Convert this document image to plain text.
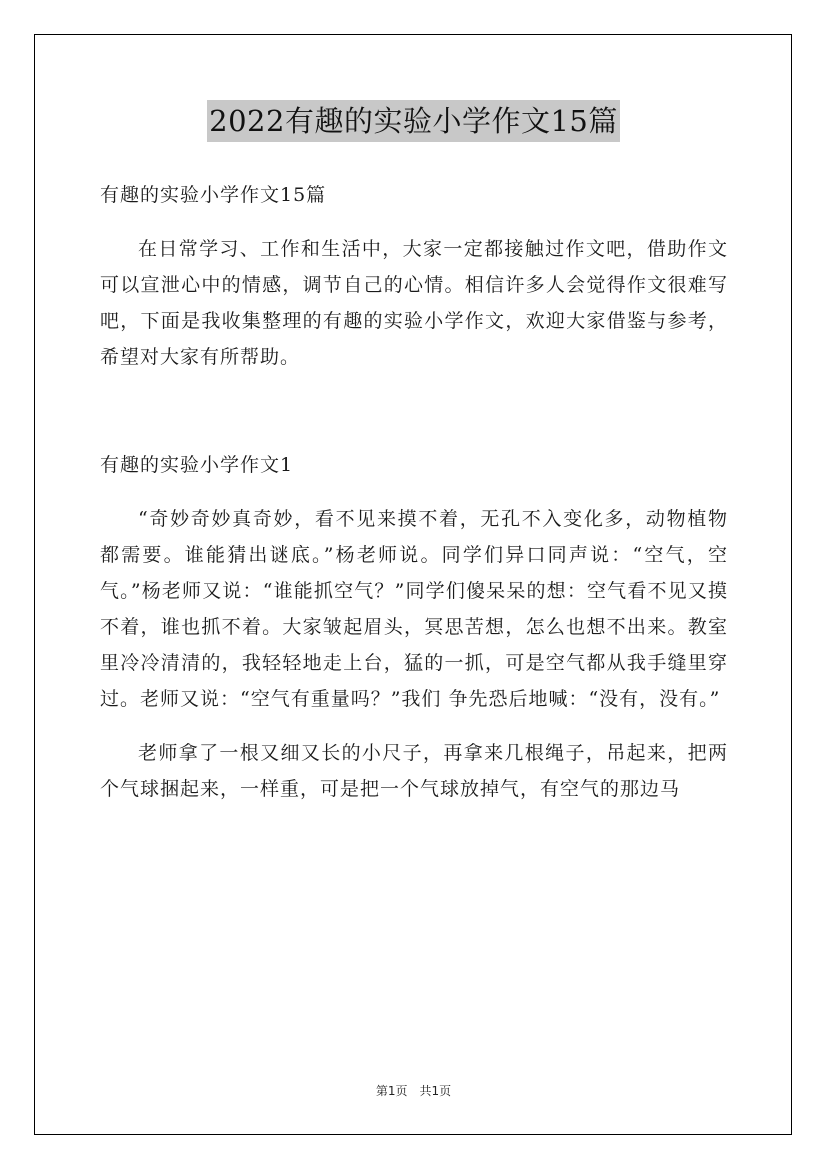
2022有趣的实验小学作文15篇

有趣的实验小学作文15篇

在日常学习、工作和生活中，大家一定都接触过作文吧，借助作文可以宣泄心中的情感，调节自己的心情。相信许多人会觉得作文很难写吧，下面是我收集整理的有趣的实验小学作文，欢迎大家借鉴与参考，希望对大家有所帮助。

有趣的实验小学作文1

“奇妙奇妙真奇妙，看不见来摸不着，无孔不入变化多，动物植物都需要。谁能猜出谜底。”杨老师说。同学们异口同声说：“空气，空气。”杨老师又说：“谁能抓空气？”同学们傻呆呆的想：空气看不见又摸不着，谁也抓不着。大家皱起眉头，冥思苦想，怎么也想不出来。教室里冷冷清清的，我轻轻地走上台，猛的一抓，可是空气都从我手缝里穿过。老师又说：“空气有重量吗？”我们 争先恐后地喊：“没有，没有。”

老师拿了一根又细又长的小尺子，再拿来几根绳子，吊起来，把两个气球捆起来，一样重，可是把一个气球放掉气，有空气的那边马

第1页 共1页
